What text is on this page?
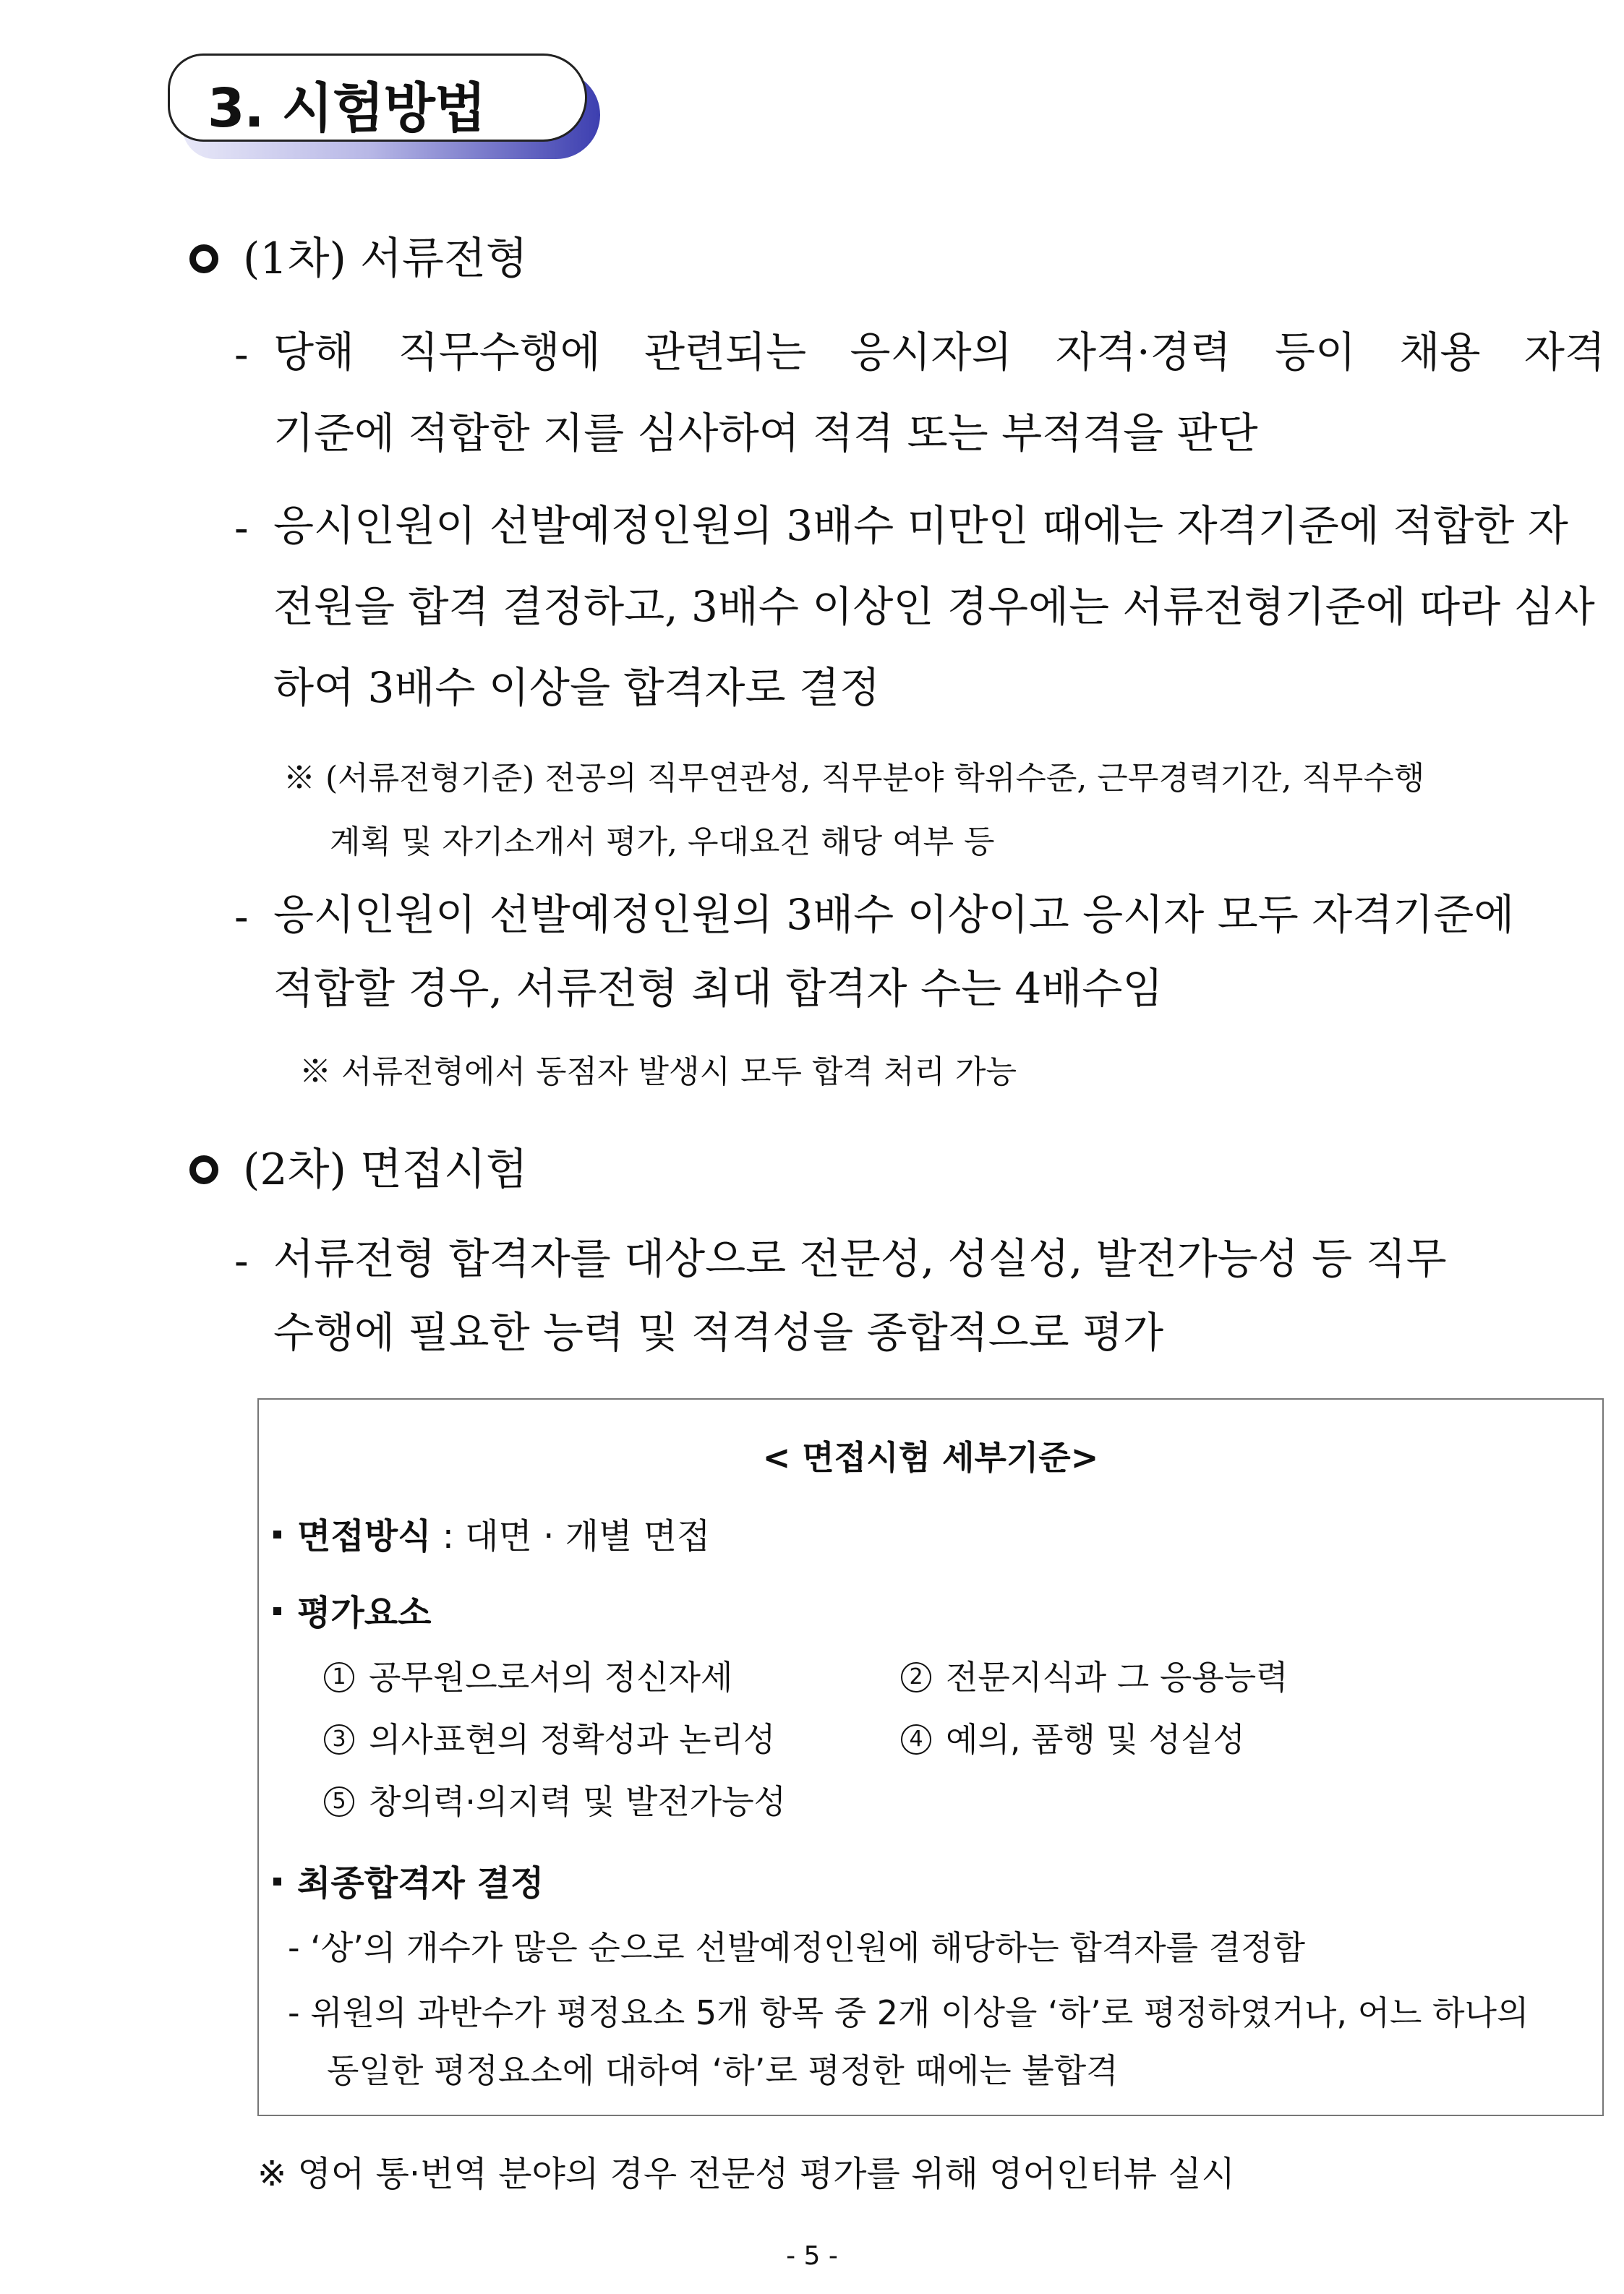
3. 시험방법
(1차) 서류전형
- 당해 직무수행에 관련되는 응시자의 자격·경력 등이 채용 자격
기준에 적합한 지를 심사하여 적격 또는 부적격을 판단
- 응시인원이 선발예정인원의 3배수 미만인 때에는 자격기준에 적합한 자
전원을 합격 결정하고, 3배수 이상인 경우에는 서류전형기준에 따라 심사
하여 3배수 이상을 합격자로 결정
※ (서류전형기준) 전공의 직무연관성, 직무분야 학위수준, 근무경력기간, 직무수행
계획 및 자기소개서 평가, 우대요건 해당 여부 등
- 응시인원이 선발예정인원의 3배수 이상이고 응시자 모두 자격기준에
적합할 경우, 서류전형 최대 합격자 수는 4배수임
※ 서류전형에서 동점자 발생시 모두 합격 처리 가능
(2차) 면접시험
- 서류전형 합격자를 대상으로 전문성, 성실성, 발전가능성 등 직무
수행에 필요한 능력 및 적격성을 종합적으로 평가
< 면접시험 세부기준>
면접방식 : 대면 · 개별 면접
평가요소
1 공무원으로서의 정신자세	2 전문지식과 그 응용능력
3 의사표현의 정확성과 논리성	4 예의, 품행 및 성실성
5 창의력·의지력 및 발전가능성
최종합격자 결정
- ‘상’의 개수가 많은 순으로 선발예정인원에 해당하는 합격자를 결정함
- 위원의 과반수가 평정요소 5개 항목 중 2개 이상을 ‘하’로 평정하였거나, 어느 하나의
동일한 평정요소에 대하여 ‘하’로 평정한 때에는 불합격
※ 영어 통·번역 분야의 경우 전문성 평가를 위해 영어인터뷰 실시
- 5 -
